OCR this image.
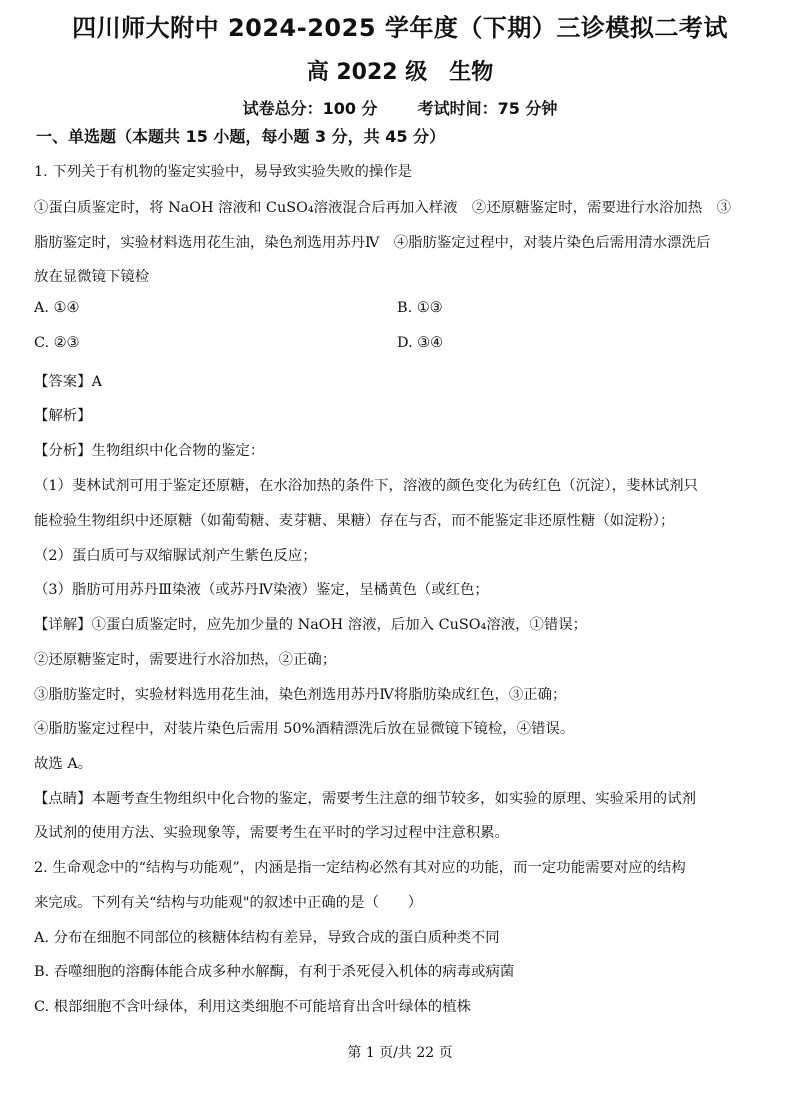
四川师大附中 2024-2025 学年度（下期）三诊模拟二考试
高 2022 级 生物
试卷总分：100 分	考试时间：75 分钟
一、单选题（本题共 15 小题，每小题 3 分，共 45 分）
1. 下列关于有机物的鉴定实验中，易导致实验失败的操作是
①蛋白质鉴定时，将 NaOH 溶液和 CuSO₄溶液混合后再加入样液　②还原糖鉴定时，需要进行水浴加热　③
脂肪鉴定时，实验材料选用花生油，染色剂选用苏丹Ⅳ　④脂肪鉴定过程中，对装片染色后需用清水漂洗后
放在显微镜下镜检
A. ①④	B. ①③
C. ②③	D. ③④
【答案】A
【解析】
【分析】生物组织中化合物的鉴定：
（1）斐林试剂可用于鉴定还原糖，在水浴加热的条件下，溶液的颜色变化为砖红色（沉淀），斐林试剂只
能检验生物组织中还原糖（如葡萄糖、麦芽糖、果糖）存在与否，而不能鉴定非还原性糖（如淀粉）；
（2）蛋白质可与双缩脲试剂产生紫色反应；
（3）脂肪可用苏丹Ⅲ染液（或苏丹Ⅳ染液）鉴定，呈橘黄色（或红色；
【详解】①蛋白质鉴定时，应先加少量的 NaOH 溶液，后加入 CuSO₄溶液，①错误；
②还原糖鉴定时，需要进行水浴加热，②正确；
③脂肪鉴定时，实验材料选用花生油，染色剂选用苏丹Ⅳ将脂肪染成红色，③正确；
④脂肪鉴定过程中，对装片染色后需用 50%酒精漂洗后放在显微镜下镜检，④错误。
故选 A。
【点睛】本题考查生物组织中化合物的鉴定，需要考生注意的细节较多，如实验的原理、实验采用的试剂
及试剂的使用方法、实验现象等，需要考生在平时的学习过程中注意积累。
2. 生命观念中的“结构与功能观”，内涵是指一定结构必然有其对应的功能，而一定功能需要对应的结构
来完成。下列有关“结构与功能观"的叙述中正确的是（　　）
A. 分布在细胞不同部位的核糖体结构有差异，导致合成的蛋白质种类不同
B. 吞噬细胞的溶酶体能合成多种水解酶，有利于杀死侵入机体的病毒或病菌
C. 根部细胞不含叶绿体，利用这类细胞不可能培育出含叶绿体的植株
第 1 页/共 22 页
